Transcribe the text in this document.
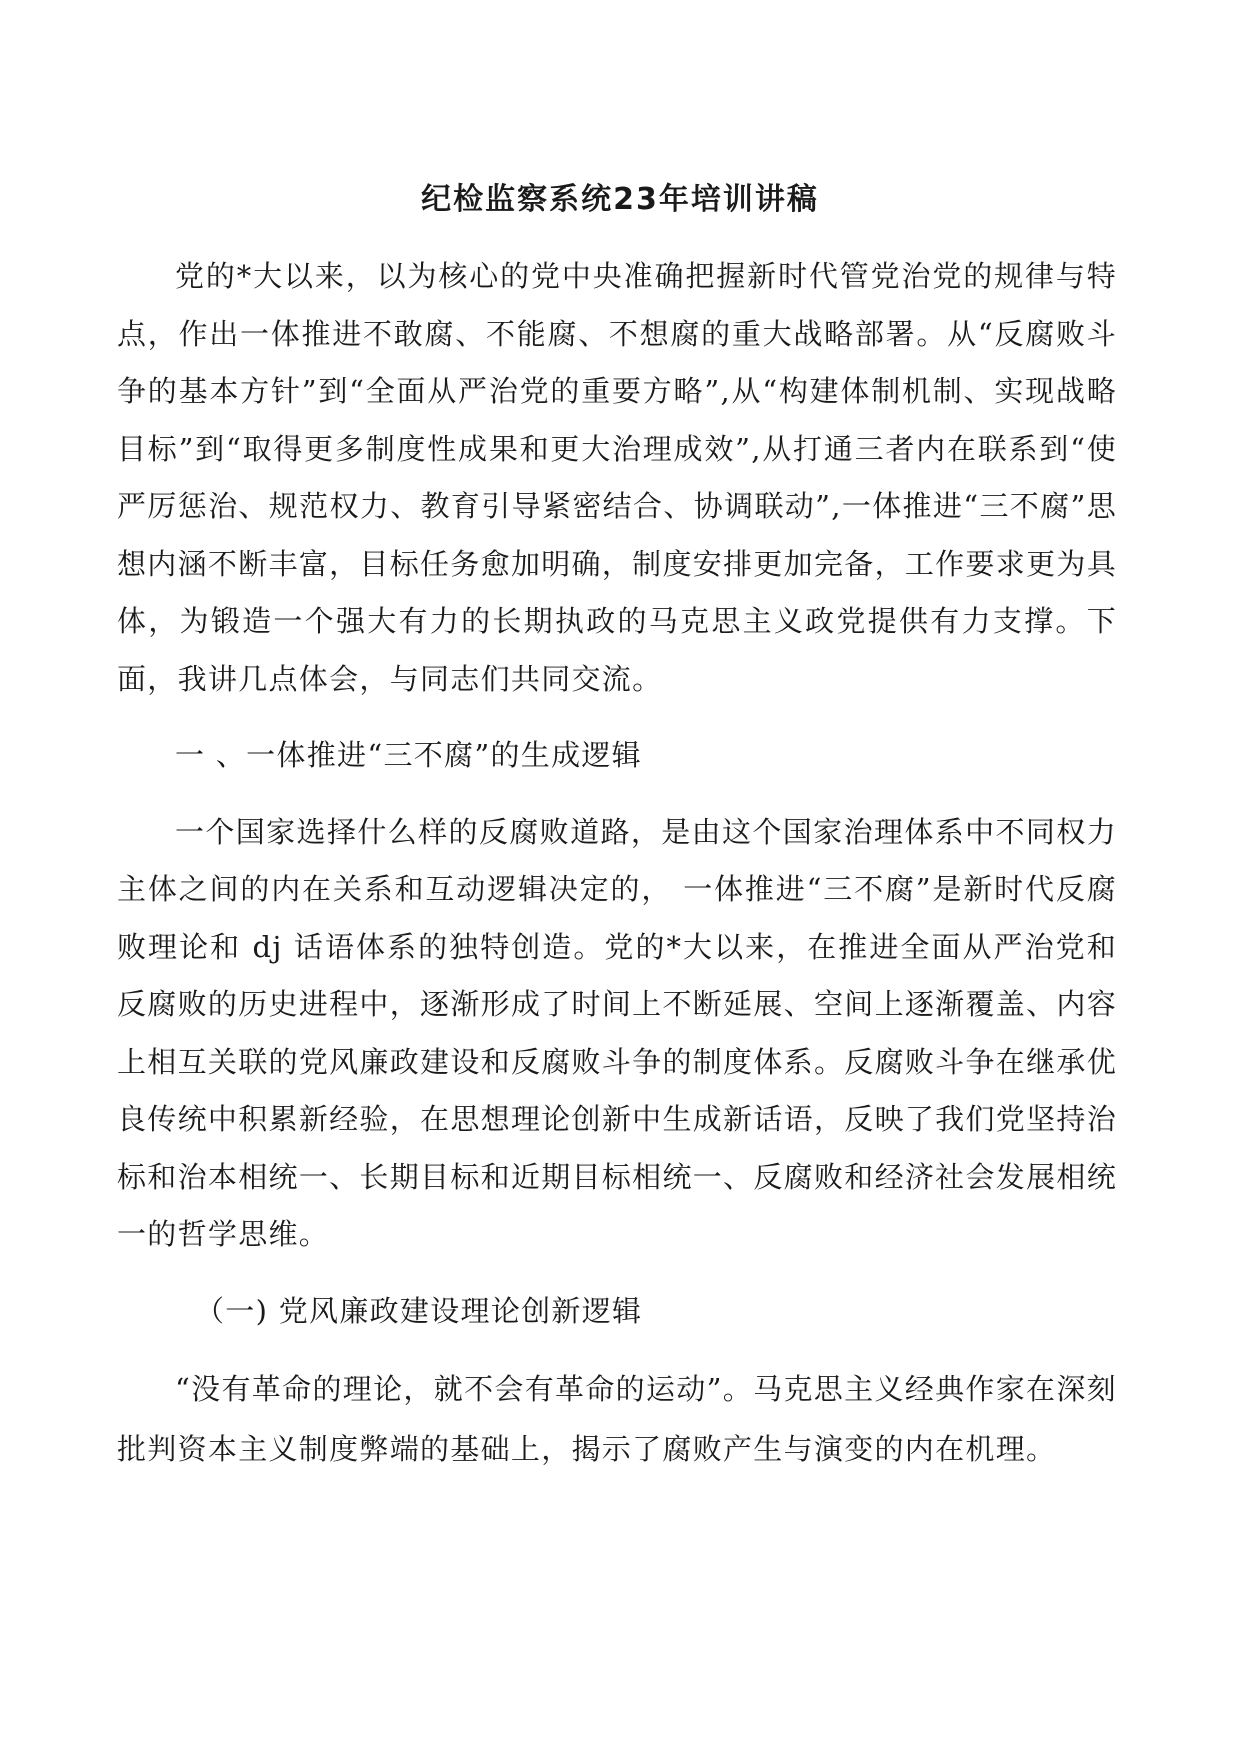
纪检监察系统23年培训讲稿

党的*大以来，以为核心的党中央准确把握新时代管党治党的规律与特点，作出一体推进不敢腐、不能腐、不想腐的重大战略部署。从“反腐败斗争的基本方针”到“全面从严治党的重要方略”,从“构建体制机制、实现战略目标”到“取得更多制度性成果和更大治理成效”,从打通三者内在联系到“使严厉惩治、规范权力、教育引导紧密结合、协调联动”,一体推进“三不腐”思想内涵不断丰富，目标任务愈加明确，制度安排更加完备，工作要求更为具体，为锻造一个强大有力的长期执政的马克思主义政党提供有力支撑。下面，我讲几点体会，与同志们共同交流。

一 、一体推进“三不腐”的生成逻辑

一个国家选择什么样的反腐败道路，是由这个国家治理体系中不同权力主体之间的内在关系和互动逻辑决定的， 一体推进“三不腐”是新时代反腐败理论和 dj 话语体系的独特创造。党的*大以来，在推进全面从严治党和反腐败的历史进程中，逐渐形成了时间上不断延展、空间上逐渐覆盖、内容上相互关联的党风廉政建设和反腐败斗争的制度体系。反腐败斗争在继承优良传统中积累新经验，在思想理论创新中生成新话语，反映了我们党坚持治标和治本相统一、长期目标和近期目标相统一、反腐败和经济社会发展相统一的哲学思维。

（一) 党风廉政建设理论创新逻辑

“没有革命的理论，就不会有革命的运动”。马克思主义经典作家在深刻批判资本主义制度弊端的基础上，揭示了腐败产生与演变的内在机理。
